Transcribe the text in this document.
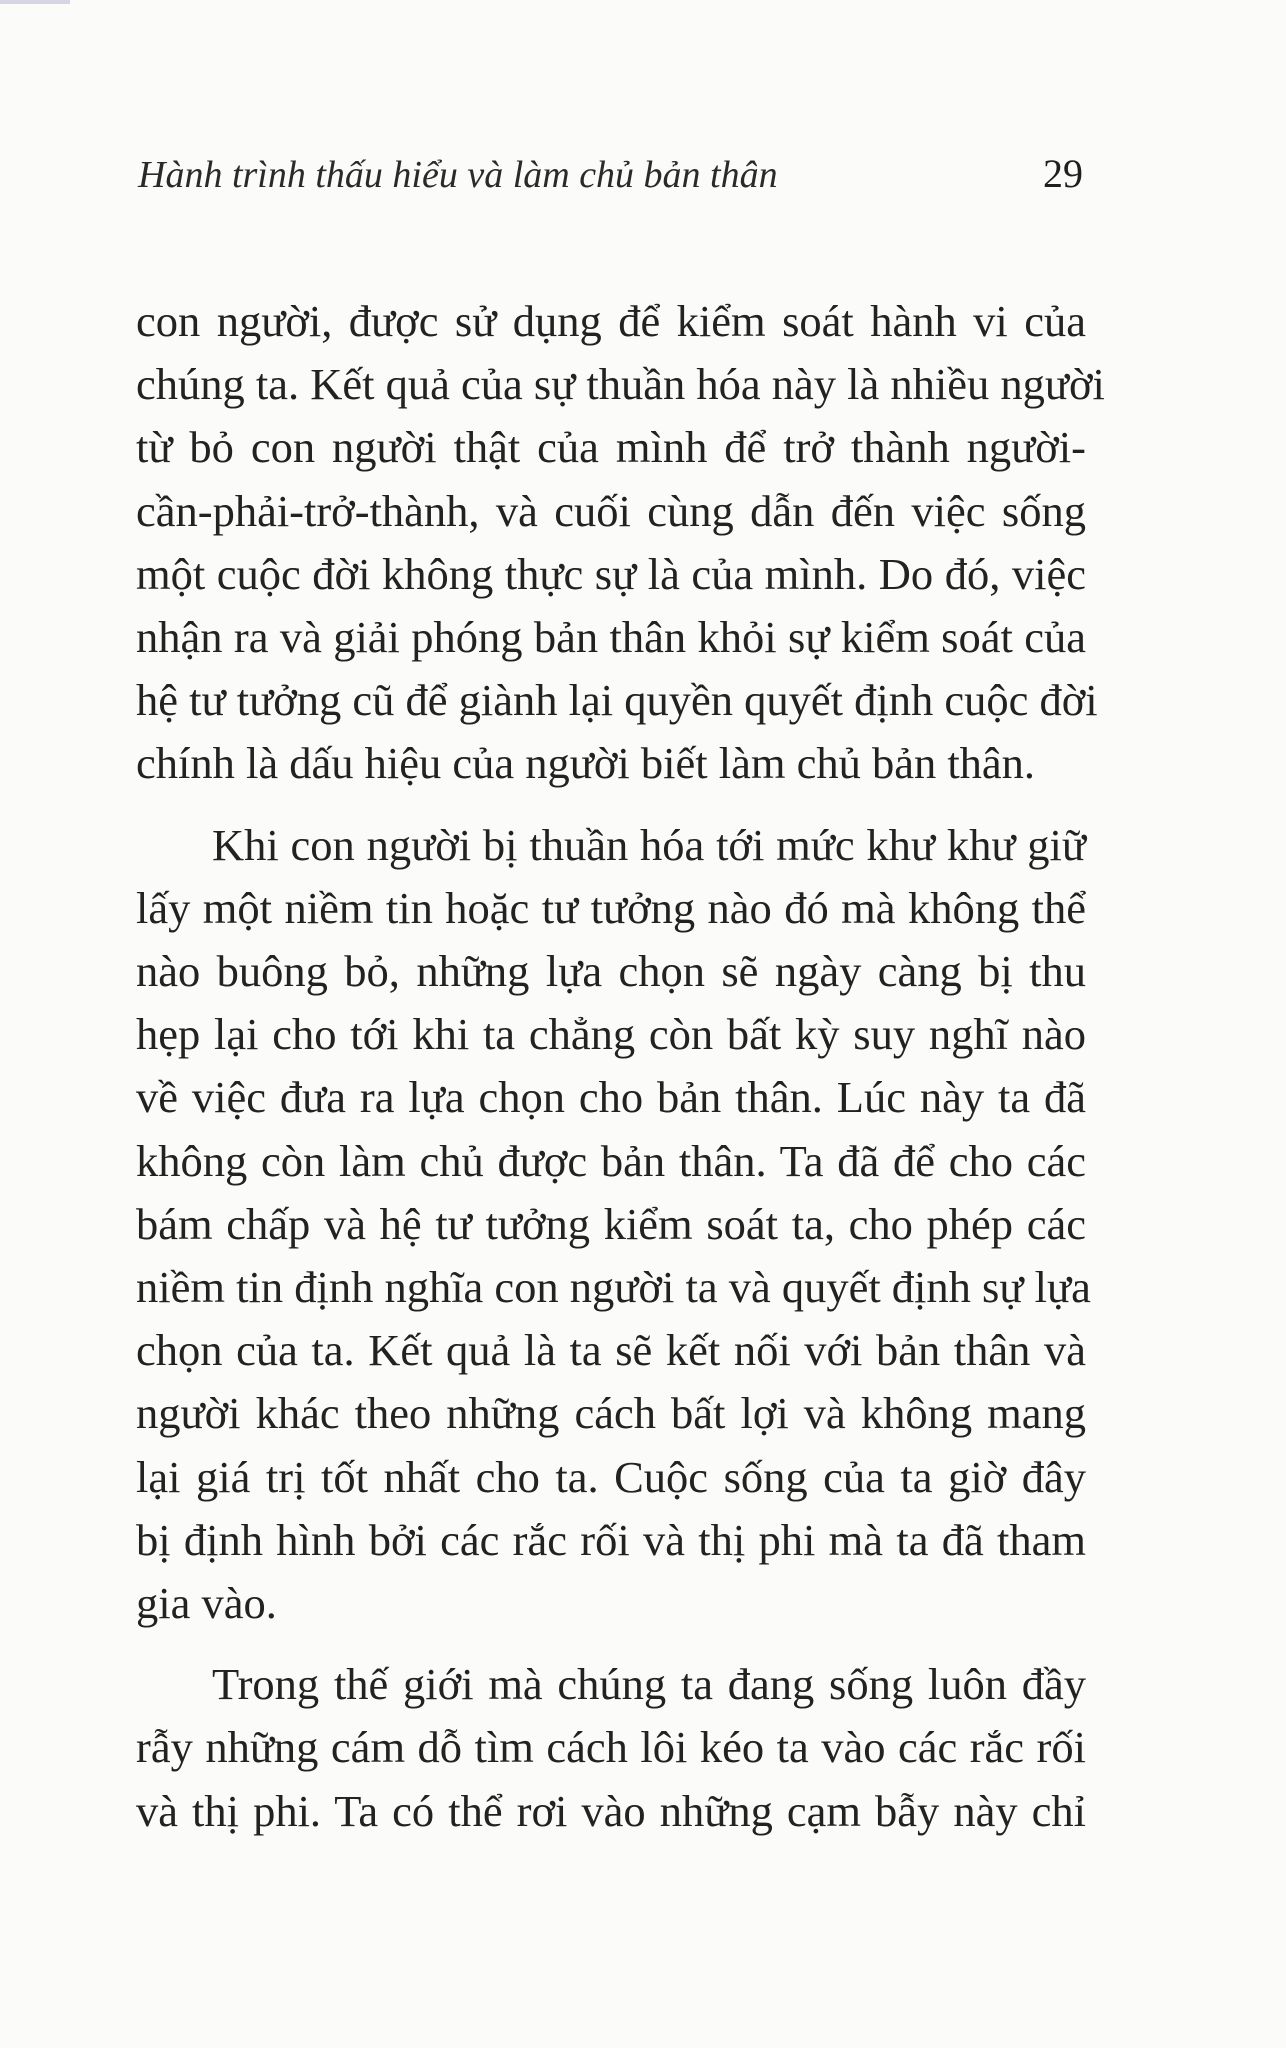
Hành trình thấu hiểu và làm chủ bản thân	29
con người, được sử dụng để kiểm soát hành vi của
chúng ta. Kết quả của sự thuần hóa này là nhiều người
từ bỏ con người thật của mình để trở thành người-
cần-phải-trở-thành, và cuối cùng dẫn đến việc sống
một cuộc đời không thực sự là của mình. Do đó, việc
nhận ra và giải phóng bản thân khỏi sự kiểm soát của
hệ tư tưởng cũ để giành lại quyền quyết định cuộc đời
chính là dấu hiệu của người biết làm chủ bản thân.
Khi con người bị thuần hóa tới mức khư khư giữ
lấy một niềm tin hoặc tư tưởng nào đó mà không thể
nào buông bỏ, những lựa chọn sẽ ngày càng bị thu
hẹp lại cho tới khi ta chẳng còn bất kỳ suy nghĩ nào
về việc đưa ra lựa chọn cho bản thân. Lúc này ta đã
không còn làm chủ được bản thân. Ta đã để cho các
bám chấp và hệ tư tưởng kiểm soát ta, cho phép các
niềm tin định nghĩa con người ta và quyết định sự lựa
chọn của ta. Kết quả là ta sẽ kết nối với bản thân và
người khác theo những cách bất lợi và không mang
lại giá trị tốt nhất cho ta. Cuộc sống của ta giờ đây
bị định hình bởi các rắc rối và thị phi mà ta đã tham
gia vào.
Trong thế giới mà chúng ta đang sống luôn đầy
rẫy những cám dỗ tìm cách lôi kéo ta vào các rắc rối
và thị phi. Ta có thể rơi vào những cạm bẫy này chỉ
